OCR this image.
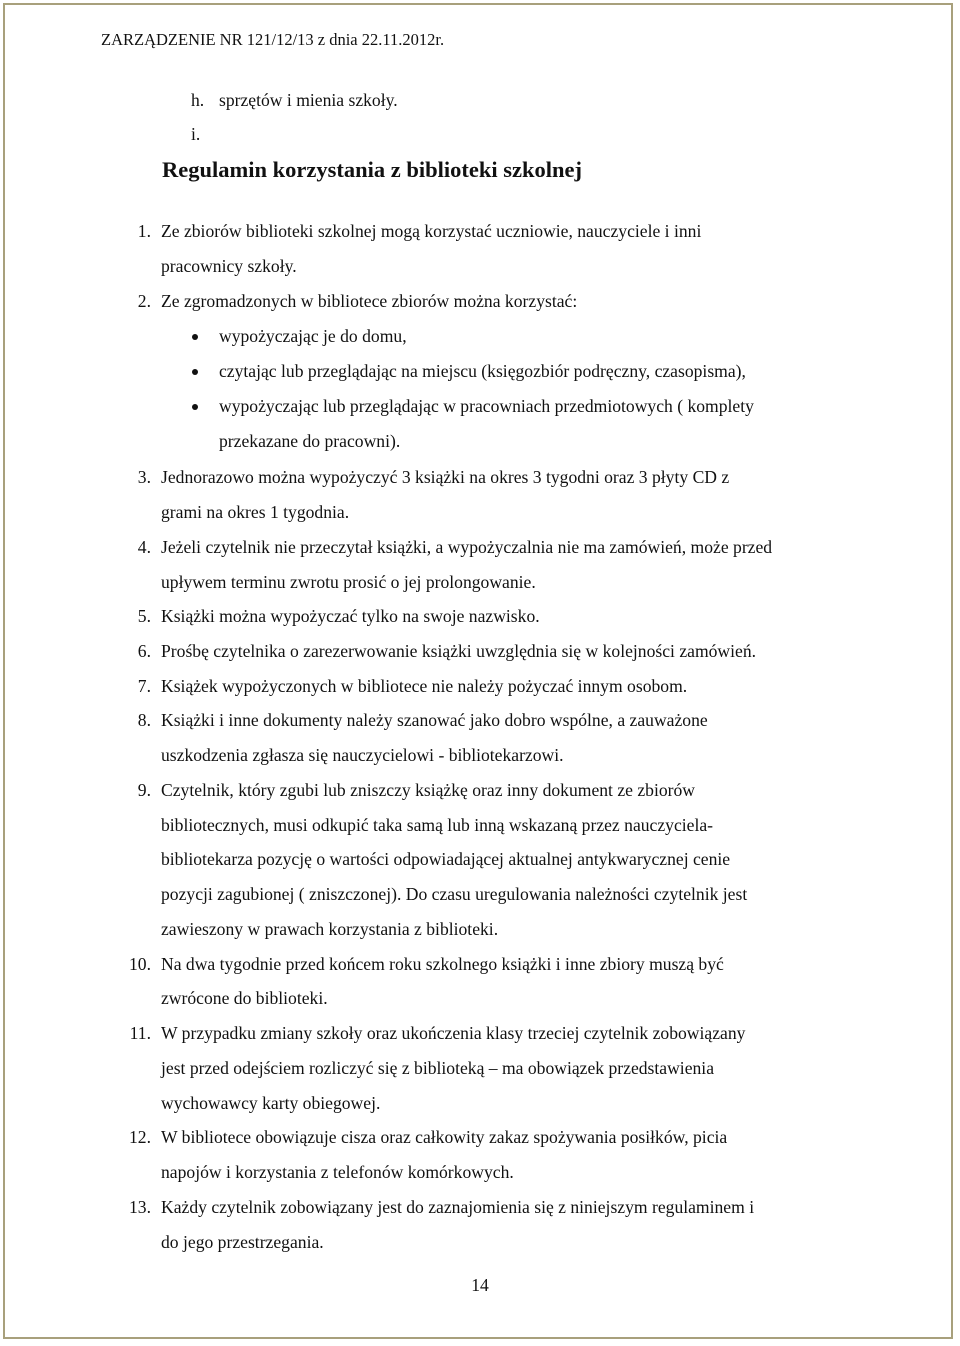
ZARZĄDZENIE NR 121/12/13 z dnia 22.11.2012r.
h. sprzętów i mienia szkoły.
i.
Regulamin korzystania z biblioteki szkolnej
1. Ze zbiorów biblioteki szkolnej mogą korzystać uczniowie, nauczyciele i inni
pracownicy szkoły.
2. Ze zgromadzonych w bibliotece zbiorów można korzystać:
wypożyczając je do domu,
czytając lub przeglądając na miejscu (księgozbiór podręczny, czasopisma),
wypożyczając lub przeglądając w pracowniach przedmiotowych ( komplety
przekazane do pracowni).
3. Jednorazowo można wypożyczyć 3 książki na okres 3 tygodni oraz 3 płyty CD z
grami na okres 1 tygodnia.
4. Jeżeli czytelnik nie przeczytał książki, a wypożyczalnia nie ma zamówień, może przed
upływem terminu zwrotu prosić o jej prolongowanie.
5. Książki można wypożyczać tylko na swoje nazwisko.
6. Prośbę czytelnika o zarezerwowanie książki uwzględnia się w kolejności zamówień.
7. Książek wypożyczonych w bibliotece nie należy pożyczać innym osobom.
8. Książki i inne dokumenty należy szanować jako dobro wspólne, a zauważone
uszkodzenia zgłasza się nauczycielowi - bibliotekarzowi.
9. Czytelnik, który zgubi lub zniszczy książkę oraz inny dokument ze zbiorów
bibliotecznych, musi odkupić taka samą lub inną wskazaną przez nauczyciela-
bibliotekarza pozycję o wartości odpowiadającej aktualnej antykwarycznej cenie
pozycji zagubionej ( zniszczonej). Do czasu uregulowania należności czytelnik jest
zawieszony w prawach korzystania z biblioteki.
10. Na dwa tygodnie przed końcem roku szkolnego książki i inne zbiory muszą być
zwrócone do biblioteki.
11. W przypadku zmiany szkoły oraz ukończenia klasy trzeciej czytelnik zobowiązany
jest przed odejściem rozliczyć się z biblioteką – ma obowiązek przedstawienia
wychowawcy karty obiegowej.
12. W bibliotece obowiązuje cisza oraz całkowity zakaz spożywania posiłków, picia
napojów i korzystania z telefonów komórkowych.
13. Każdy czytelnik zobowiązany jest do zaznajomienia się z niniejszym regulaminem i
do jego przestrzegania.
14
